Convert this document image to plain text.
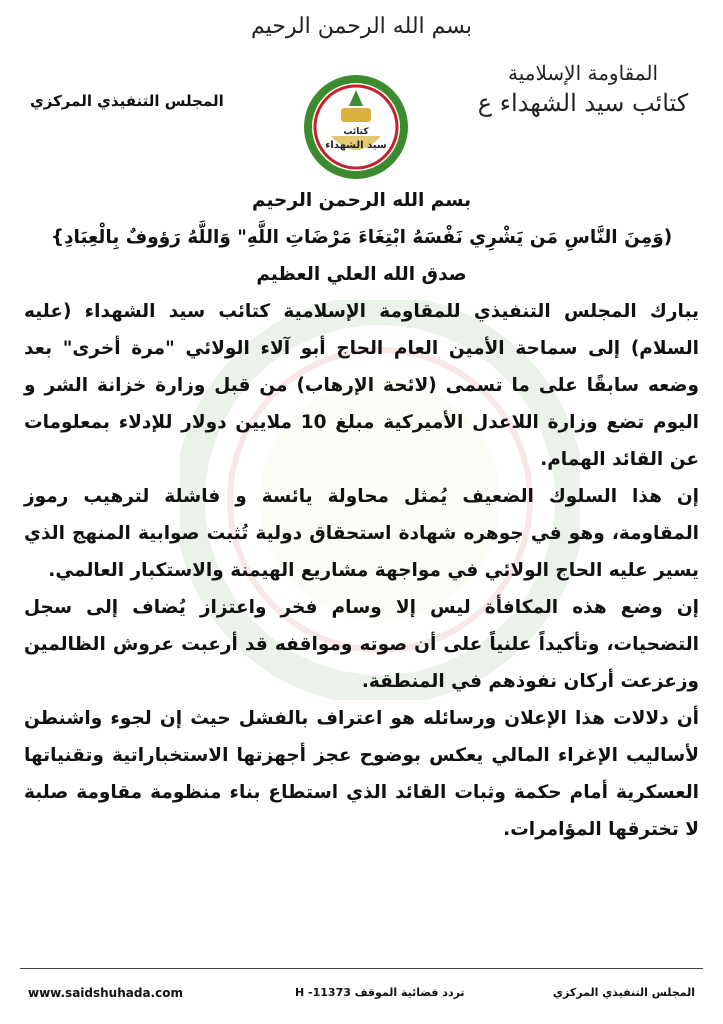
بسم الله الرحمن الرحيم
المجلس التنفيذي المركزي
المقاومة الإسلامية
كتائب سيد الشهداء ع
كتائب
سيد الشهداء

بسم الله الرحمن الرحيم

(وَمِنَ النَّاسِ مَن يَشْرِي نَفْسَهُ ابْتِغَاءَ مَرْضَاتِ اللَّهِ" وَاللَّهُ رَؤوفٌ بِالْعِبَادِ}

صدق الله العلي العظيم

يبارك المجلس التنفيذي للمقاومة الإسلامية كتائب سيد الشهداء (عليه السلام) إلى سماحة الأمين العام الحاج أبو آلاء الولائي "مرة أخرى" بعد وضعه سابقًا على ما تسمى (لائحة الإرهاب) من قبل وزارة خزانة الشر و اليوم تضع وزارة اللاعدل الأميركية مبلغ 10 ملايين دولار للإدلاء بمعلومات عن القائد الهمام.

إن هذا السلوك الضعيف يُمثل محاولة يائسة و فاشلة لترهيب رموز المقاومة، وهو في جوهره شهادة استحقاق دولية تُثبت صوابية المنهج الذي يسير عليه الحاج الولائي في مواجهة مشاريع الهيمنة والاستكبار العالمي.

إن وضع هذه المكافأة ليس إلا وسام فخر واعتزاز يُضاف إلى سجل التضحيات، وتأكيداً علنياً على أن صوته ومواقفه قد أرعبت عروش الظالمين وزعزعت أركان نفوذهم في المنطقة.

أن دلالات هذا الإعلان ورسائله هو اعتراف بالفشل حيث إن لجوء واشنطن لأساليب الإغراء المالي يعكس بوضوح عجز أجهزتها الاستخباراتية وتقنياتها العسكرية أمام حكمة وثبات القائد الذي استطاع بناء منظومة مقاومة صلبة لا تخترقها المؤامرات.

www.saidshuhada.com	تردد فضائية الموقف H -11373	المجلس التنفيذي المركزي
